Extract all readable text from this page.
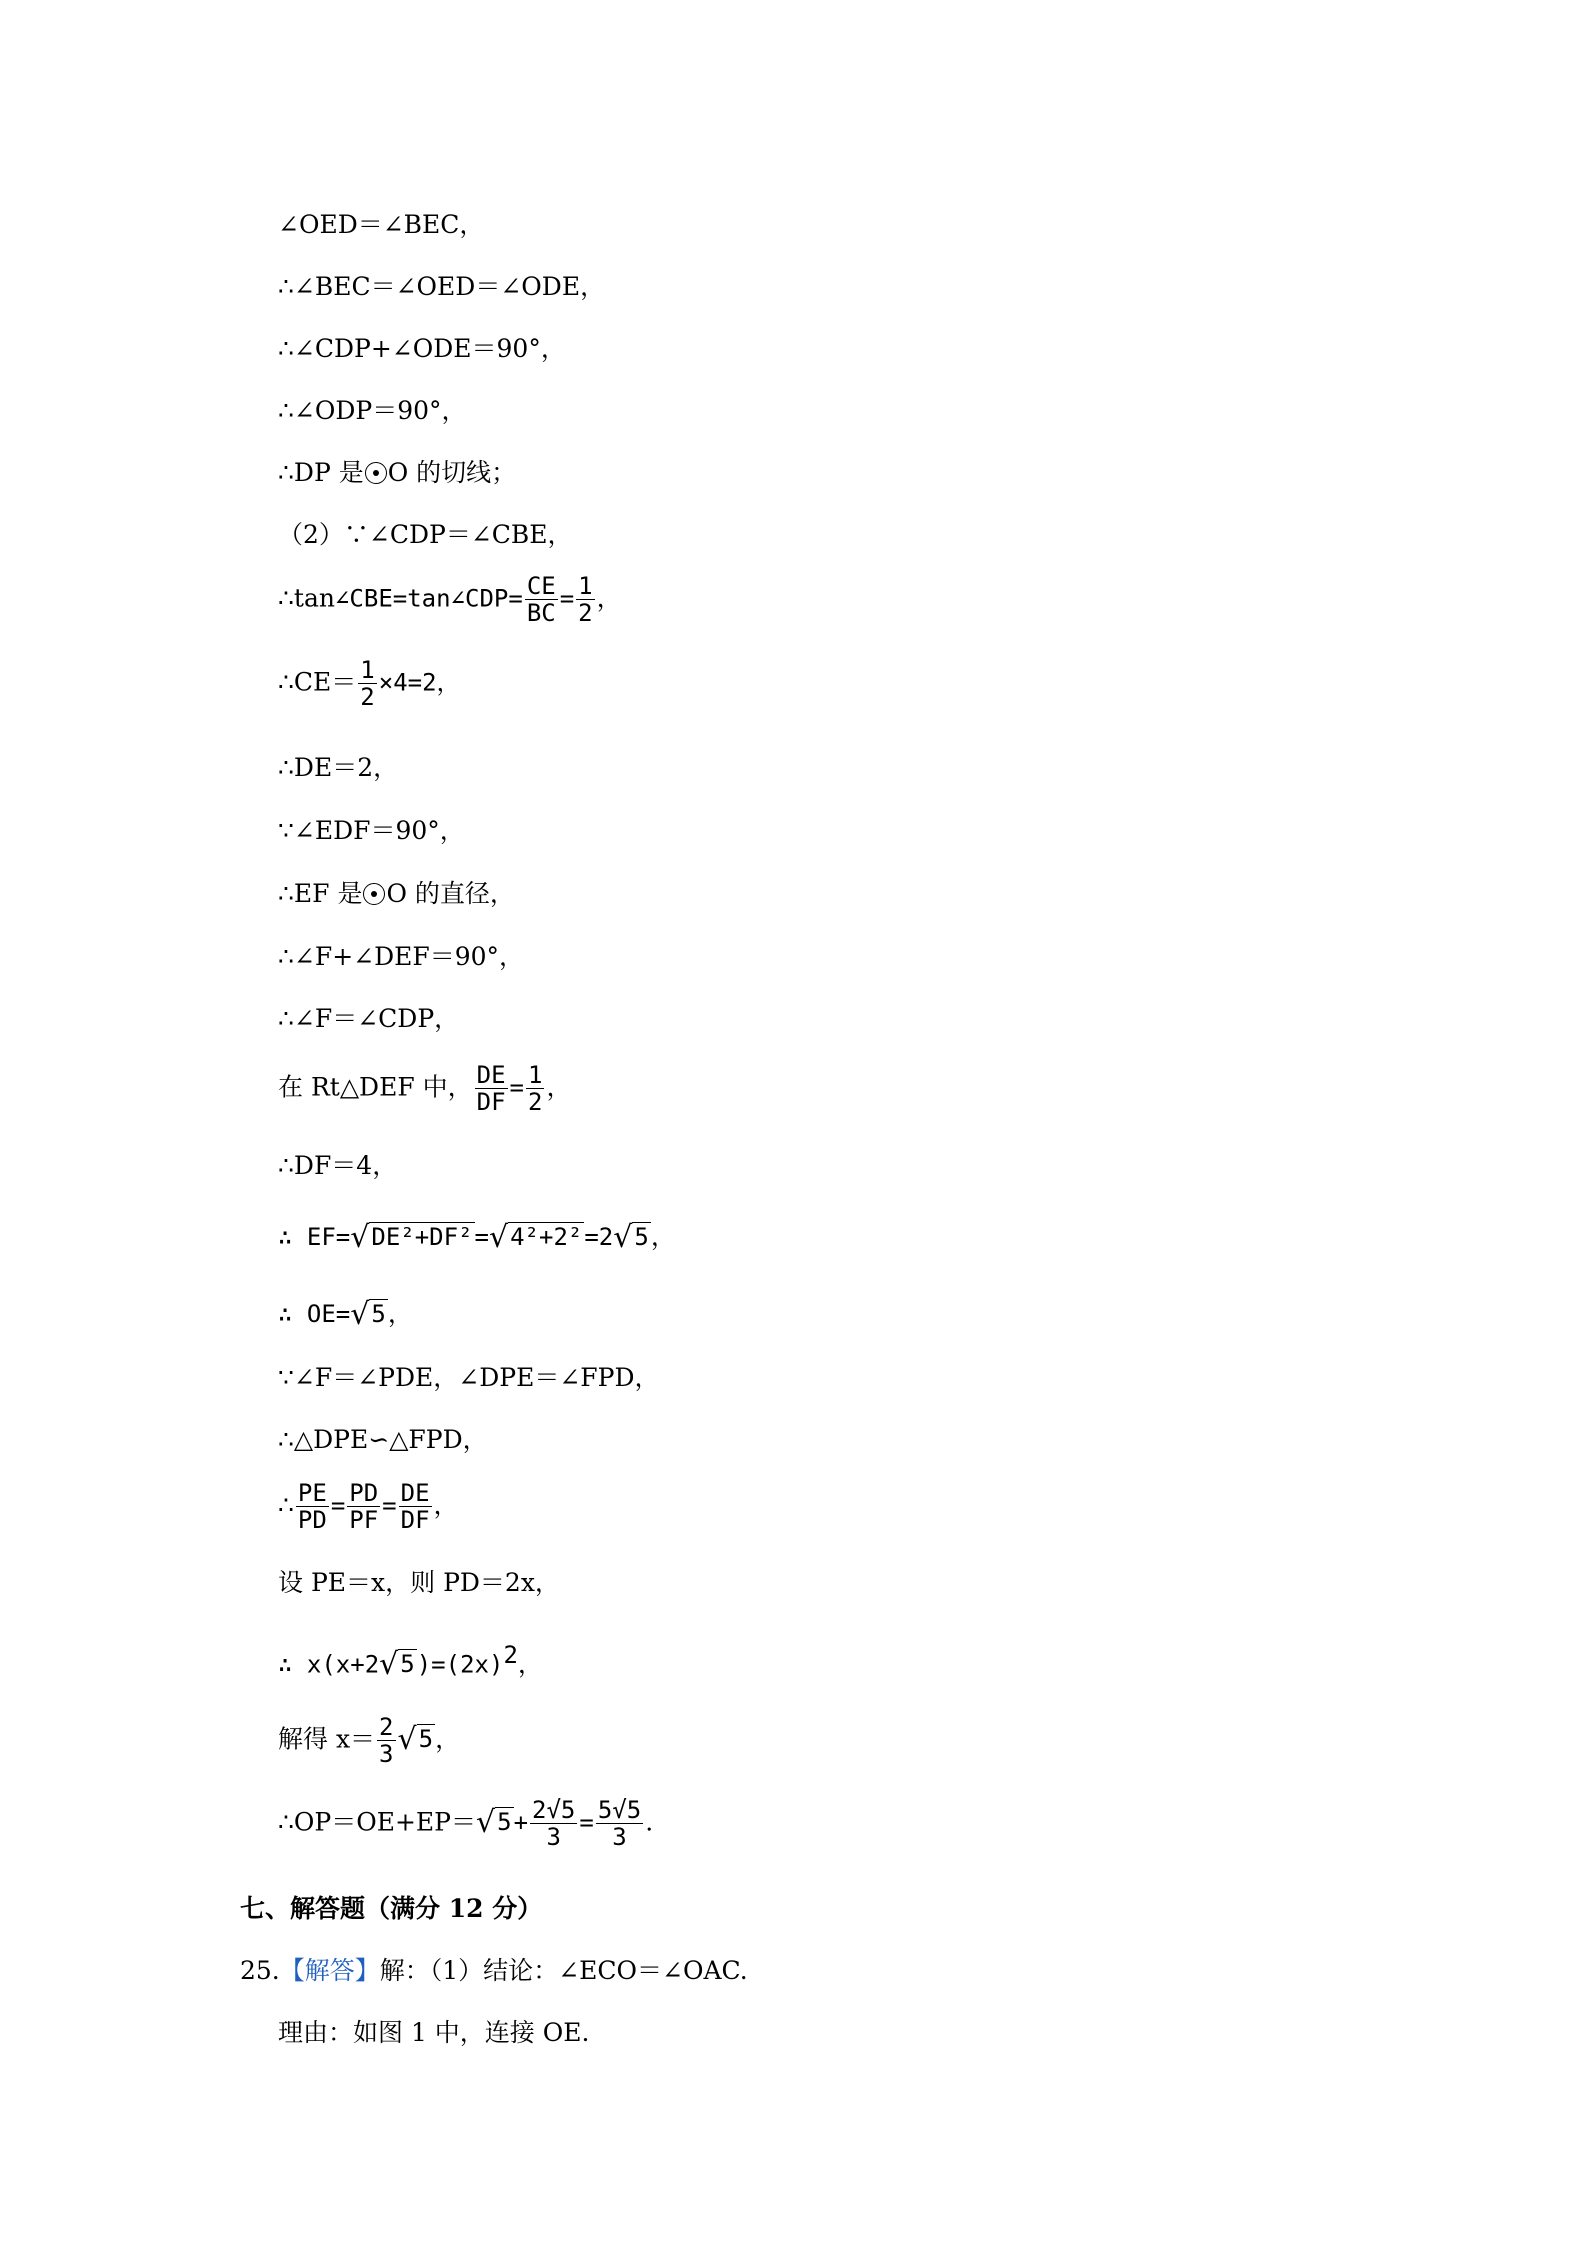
∠OED＝∠BEC，
∴∠BEC＝∠OED＝∠ODE，
∴∠CDP+∠ODE＝90°，
∴∠ODP＝90°，
∴DP 是 O 的切线；
（2）∵∠CDP＝∠CBE，
∴tan∠CBE=tan∠CDP= $\frac{CE}{BC} = \frac{1}{2}$ ，
∴CE＝ $\frac{1}{2} \times 4=2$，
∴DE＝2，
∵∠EDF＝90°，
∴EF 是 O 的直径，
∴∠F+∠DEF＝90°，
∴∠F＝∠CDP，
在 Rt△DEF 中， $\frac{DE}{DF} = \frac{1}{2}$ ，
∴DF＝4，
∴ EF=√DE²+DF²=√4²+2²=2√5，
∴ OE=√5，
∵∠F＝∠PDE，∠DPE＝∠FPD，
∴△DPE∽△FPD，
∴ $\frac{PE}{PD} = \frac{PD}{PF} = \frac{DE}{DF}$ ，
设 PE＝x，则 PD＝2x，
∴ $x(x+2√5)=(2x)^2$，
解得 $x= \frac{2}{3} √5$，
∴OP＝OE+EP＝√5+ $\frac{2√5}{3} = \frac{5√5}{3}$ .
七、解答题（满分 12 分）
25.【解答】解：（1）结论：∠ECO＝∠OAC.
理由：如图 1 中，连接 OE.
